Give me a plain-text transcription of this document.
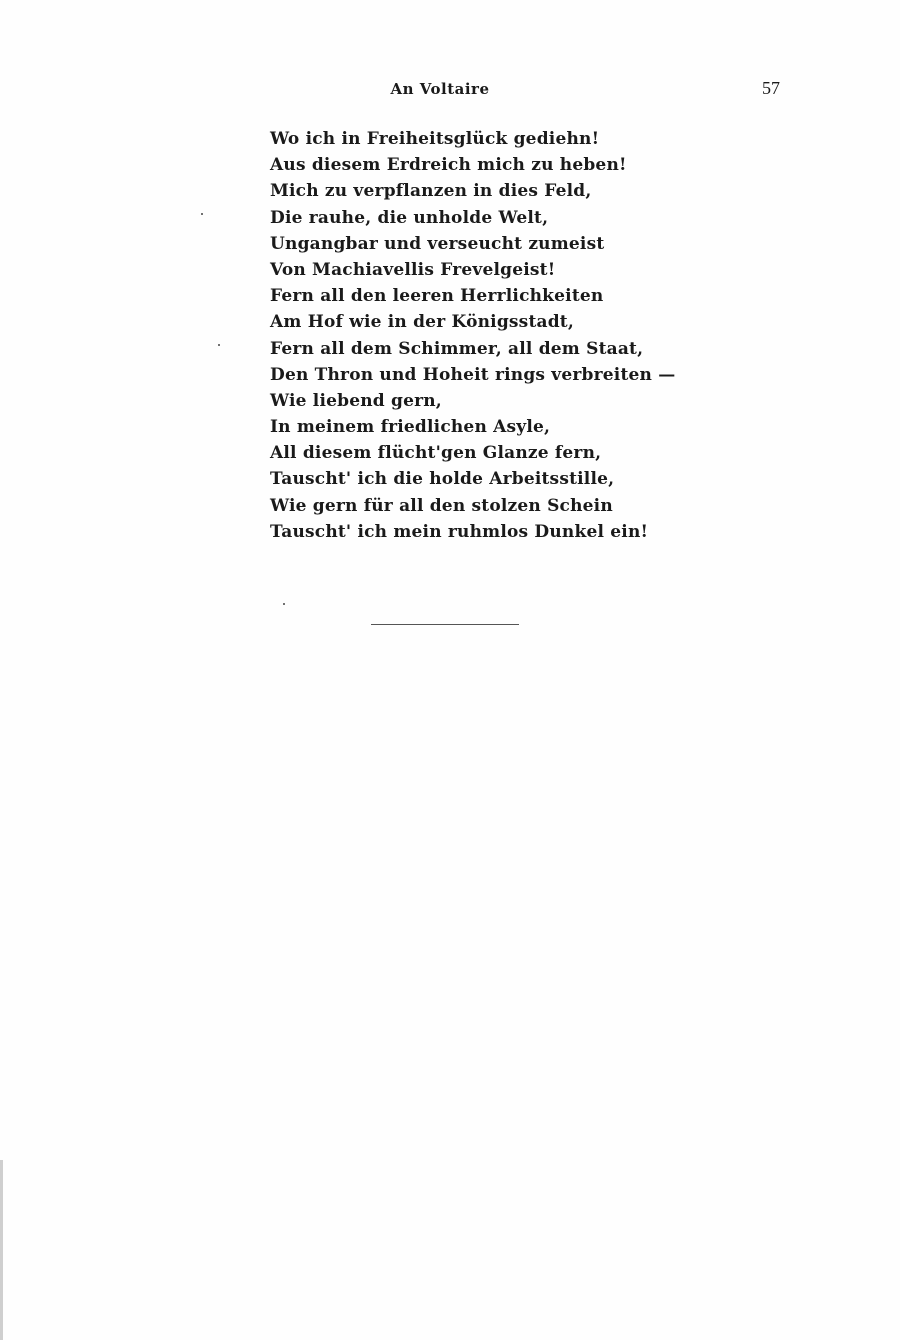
An Voltaire	57
Wo ich in Freiheitsglück gediehn!
Aus diesem Erdreich mich zu heben!
Mich zu verpflanzen in dies Feld,
Die rauhe, die unholde Welt,
Ungangbar und verseucht zumeist
Von Machiavellis Frevelgeist!
Fern all den leeren Herrlichkeiten
Am Hof wie in der Königsstadt,
Fern all dem Schimmer, all dem Staat,
Den Thron und Hoheit rings verbreiten —
Wie liebend gern,
In meinem friedlichen Asyle,
All diesem flücht'gen Glanze fern,
Tauscht' ich die holde Arbeitsstille,
Wie gern für all den stolzen Schein
Tauscht' ich mein ruhmlos Dunkel ein!
